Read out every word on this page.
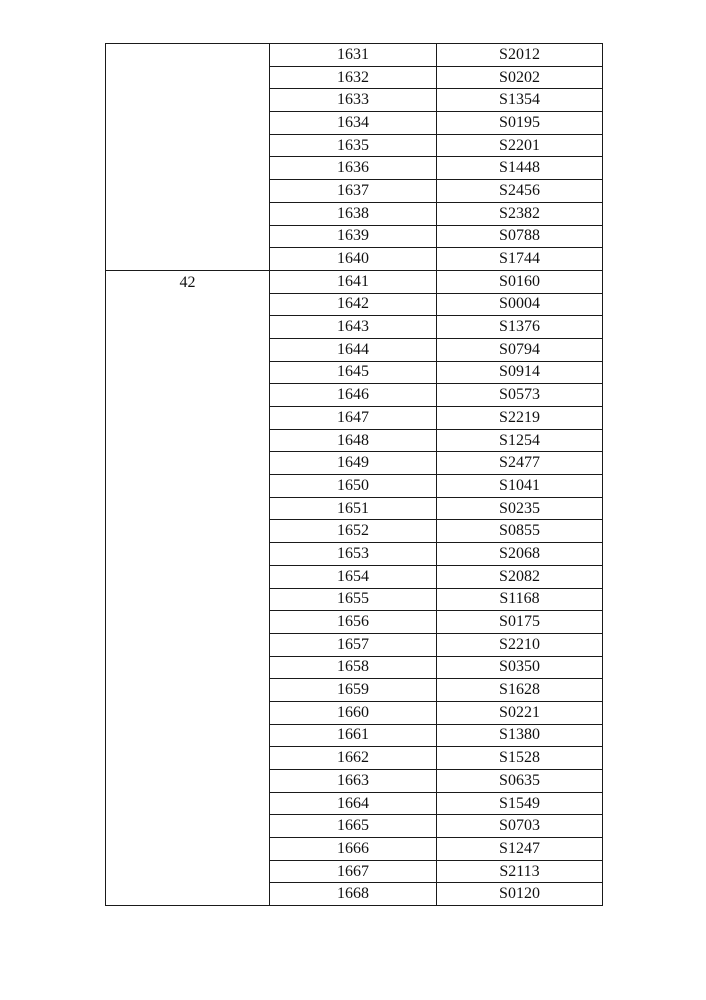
	1631	S2012
	1632	S0202
	1633	S1354
	1634	S0195
	1635	S2201
	1636	S1448
	1637	S2456
	1638	S2382
	1639	S0788
	1640	S1744
42	1641	S0160
	1642	S0004
	1643	S1376
	1644	S0794
	1645	S0914
	1646	S0573
	1647	S2219
	1648	S1254
	1649	S2477
	1650	S1041
	1651	S0235
	1652	S0855
	1653	S2068
	1654	S2082
	1655	S1168
	1656	S0175
	1657	S2210
	1658	S0350
	1659	S1628
	1660	S0221
	1661	S1380
	1662	S1528
	1663	S0635
	1664	S1549
	1665	S0703
	1666	S1247
	1667	S2113
	1668	S0120
